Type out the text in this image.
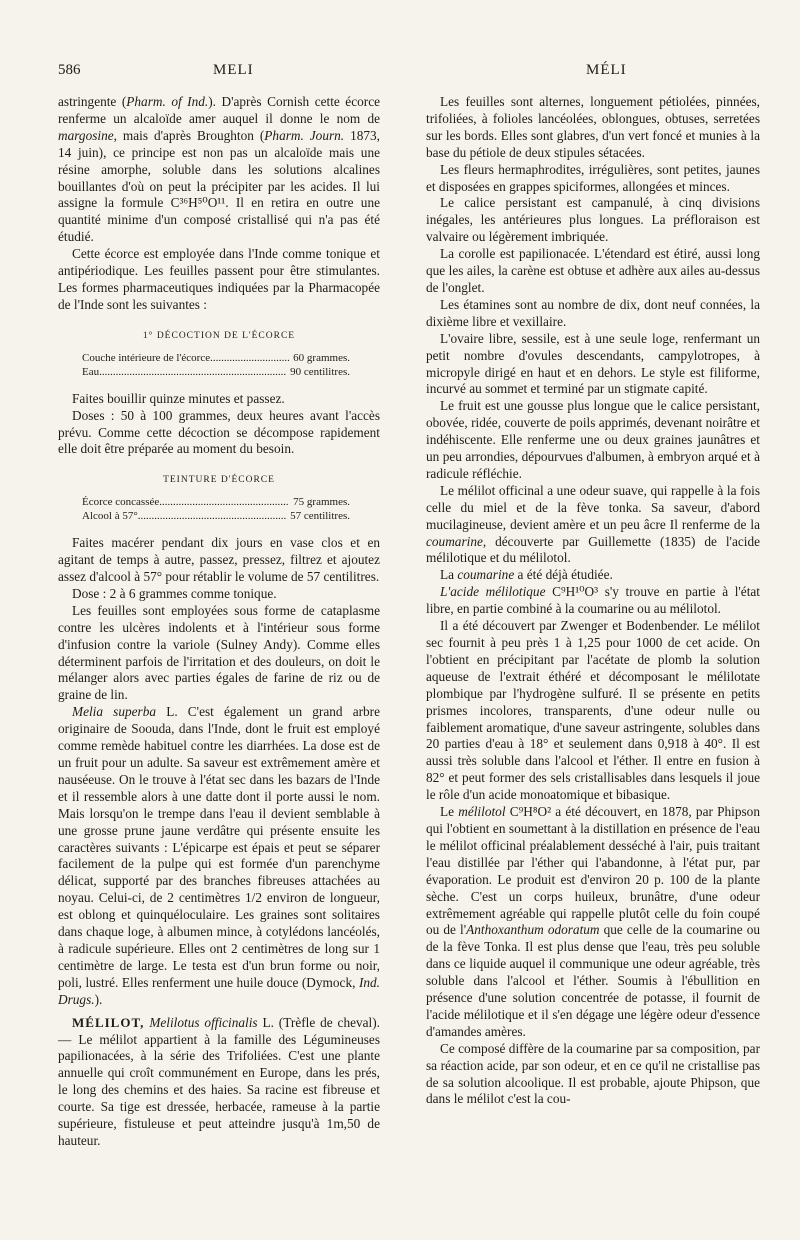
586	MELI	MÉLI

astringente (Pharm. of Ind.). D'après Cornish cette écorce renferme un alcaloïde amer auquel il donne le nom de margosine, mais d'après Broughton (Pharm. Journ. 1873, 14 juin), ce principe est non pas un alcaloïde mais une résine amorphe, soluble dans les solutions alcalines bouillantes d'où on peut la précipiter par les acides. Il lui assigne la formule C³⁶H⁵⁰O¹¹. Il en retira en outre une quantité minime d'un composé cristallisé qui n'a pas été étudié.

Cette écorce est employée dans l'Inde comme tonique et antipériodique. Les feuilles passent pour être stimulantes. Les formes pharmaceutiques indiquées par la Pharmacopée de l'Inde sont les suivantes :

1° DÉCOCTION DE L'ÉCORCE
Couche intérieure de l'écorce .....	60 grammes.
Eau .....	90 centilitres.

Faites bouillir quinze minutes et passez.

Doses : 50 à 100 grammes, deux heures avant l'accès prévu. Comme cette décoction se décompose rapidement elle doit être préparée au moment du besoin.

TEINTURE D'ÉCORCE
Écorce concassée .....	75 grammes.
Alcool à 57° .....	57 centilitres.

Faites macérer pendant dix jours en vase clos et en agitant de temps à autre, passez, pressez, filtrez et ajoutez assez d'alcool à 57° pour rétablir le volume de 57 centilitres.

Dose : 2 à 6 grammes comme tonique.

Les feuilles sont employées sous forme de cataplasme contre les ulcères indolents et à l'intérieur sous forme d'infusion contre la variole (Sulney Andy). Comme elles déterminent parfois de l'irritation et des douleurs, on doit le mélanger alors avec parties égales de farine de riz ou de graine de lin.

Melia superba L. C'est également un grand arbre originaire de Soouda, dans l'Inde, dont le fruit est employé comme remède habituel contre les diarrhées. La dose est de un fruit pour un adulte. Sa saveur est extrêmement amère et nauséeuse. On le trouve à l'état sec dans les bazars de l'Inde et il ressemble alors à une datte dont il porte aussi le nom. Mais lorsqu'on le trempe dans l'eau il devient semblable à une grosse prune jaune verdâtre qui présente ensuite les caractères suivants : L'épicarpe est épais et peut se séparer facilement de la pulpe qui est formée d'un parenchyme délicat, supporté par des branches fibreuses attachées au noyau. Celui-ci, de 2 centimètres 1/2 environ de longueur, est oblong et quinquéloculaire. Les graines sont solitaires dans chaque loge, à albumen mince, à cotylédons lancéolés, à radicule supérieure. Elles ont 2 centimètres de long sur 1 centimètre de large. Le testa est d'un brun forme ou noir, poli, lustré. Elles renferment une huile douce (Dymock, Ind. Drugs.).

MÉLILOT, Melilotus officinalis L. (Trèfle de cheval). — Le mélilot appartient à la famille des Légumineuses papilionacées, à la série des Trifoliées. C'est une plante annuelle qui croît communément en Europe, dans les prés, le long des chemins et des haies. Sa racine est fibreuse et courte. Sa tige est dressée, herbacée, rameuse à la partie supérieure, fistuleuse et peut atteindre jusqu'à 1m,50 de hauteur.

Les feuilles sont alternes, longuement pétiolées, pinnées, trifoliées, à folioles lancéolées, oblongues, obtuses, serretées sur les bords. Elles sont glabres, d'un vert foncé et munies à la base du pétiole de deux stipules sétacées.

Les fleurs hermaphrodites, irrégulières, sont petites, jaunes et disposées en grappes spiciformes, allongées et minces.

Le calice persistant est campanulé, à cinq divisions inégales, les antérieures plus longues. La préfloraison est valvaire ou légèrement imbriquée.

La corolle est papilionacée. L'étendard est étiré, aussi long que les ailes, la carène est obtuse et adhère aux ailes au-dessus de l'onglet.

Les étamines sont au nombre de dix, dont neuf connées, la dixième libre et vexillaire.

L'ovaire libre, sessile, est à une seule loge, renfermant un petit nombre d'ovules descendants, campylotropes, à micropyle dirigé en haut et en dehors. Le style est filiforme, incurvé au sommet et terminé par un stigmate capité.

Le fruit est une gousse plus longue que le calice persistant, obovée, ridée, couverte de poils apprimés, devenant noirâtre et indéhiscente. Elle renferme une ou deux graines jaunâtres et un peu arrondies, dépourvues d'albumen, à embryon arqué et à radicule réfléchie.

Le mélilot officinal a une odeur suave, qui rappelle à la fois celle du miel et de la fève tonka. Sa saveur, d'abord mucilagineuse, devient amère et un peu âcre Il renferme de la coumarine, découverte par Guillemette (1835) de l'acide mélilotique et du mélilotol.

La coumarine a été déjà étudiée.

L'acide mélilotique C⁹H¹⁰O³ s'y trouve en partie à l'état libre, en partie combiné à la coumarine ou au mélilotol.

Il a été découvert par Zwenger et Bodenbender. Le mélilot sec fournit à peu près 1 à 1,25 pour 1000 de cet acide. On l'obtient en précipitant par l'acétate de plomb la solution aqueuse de l'extrait éthéré et décomposant le mélilotate plombique par l'hydrogène sulfuré. Il se présente en petits prismes incolores, transparents, d'une odeur nulle ou faiblement aromatique, d'une saveur astringente, solubles dans 20 parties d'eau à 18° et seulement dans 0,918 à 40°. Il est aussi très soluble dans l'alcool et l'éther. Il entre en fusion à 82° et peut former des sels cristallisables dans lesquels il joue le rôle d'un acide monoatomique et bibasique.

Le mélilotol C⁹H⁸O² a été découvert, en 1878, par Phipson qui l'obtient en soumettant à la distillation en présence de l'eau le mélilot officinal préalablement desséché à l'air, puis traitant l'eau distillée par l'éther qui l'abandonne, à l'état pur, par évaporation. Le produit est d'environ 20 p. 100 de la plante sèche. C'est un corps huileux, brunâtre, d'une odeur extrêmement agréable qui rappelle plutôt celle du foin coupé ou de l'Anthoxanthum odoratum que celle de la coumarine ou de la fève Tonka. Il est plus dense que l'eau, très peu soluble dans ce liquide auquel il communique une odeur agréable, très soluble dans l'alcool et l'éther. Soumis à l'ébullition en présence d'une solution concentrée de potasse, il fournit de l'acide mélilotique et il s'en dégage une légère odeur d'essence d'amandes amères.

Ce composé diffère de la coumarine par sa composition, par sa réaction acide, par son odeur, et en ce qu'il ne cristallise pas de sa solution alcoolique. Il est probable, ajoute Phipson, que dans le mélilot c'est la cou-
